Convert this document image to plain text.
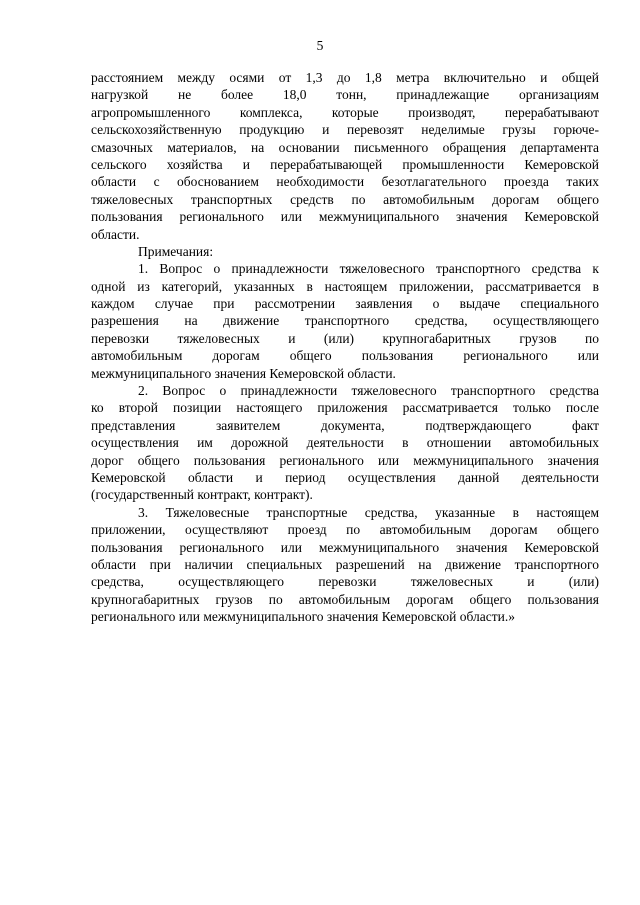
5
расстоянием между осями от 1,3 до 1,8 метра включительно и общей
нагрузкой не более 18,0 тонн, принадлежащие организациям
агропромышленного комплекса, которые производят, перерабатывают
сельскохозяйственную продукцию и перевозят неделимые грузы горюче-
смазочных материалов, на основании письменного обращения департамента
сельского хозяйства и перерабатывающей промышленности Кемеровской
области с обоснованием необходимости безотлагательного проезда таких
тяжеловесных транспортных средств по автомобильным дорогам общего
пользования регионального или межмуниципального значения Кемеровской
области.
Примечания:
1. Вопрос о принадлежности тяжеловесного транспортного средства к
одной из категорий, указанных в настоящем приложении, рассматривается в
каждом случае при рассмотрении заявления о выдаче специального
разрешения на движение транспортного средства, осуществляющего
перевозки тяжеловесных и (или) крупногабаритных грузов по
автомобильным дорогам общего пользования регионального или
межмуниципального значения Кемеровской области.
2. Вопрос о принадлежности тяжеловесного транспортного средства
ко второй позиции настоящего приложения рассматривается только после
представления заявителем документа, подтверждающего факт
осуществления им дорожной деятельности в отношении автомобильных
дорог общего пользования регионального или межмуниципального значения
Кемеровской области и период осуществления данной деятельности
(государственный контракт, контракт).
3. Тяжеловесные транспортные средства, указанные в настоящем
приложении, осуществляют проезд по автомобильным дорогам общего
пользования регионального или межмуниципального значения Кемеровской
области при наличии специальных разрешений на движение транспортного
средства, осуществляющего перевозки тяжеловесных и (или)
крупногабаритных грузов по автомобильным дорогам общего пользования
регионального или межмуниципального значения Кемеровской области.»
